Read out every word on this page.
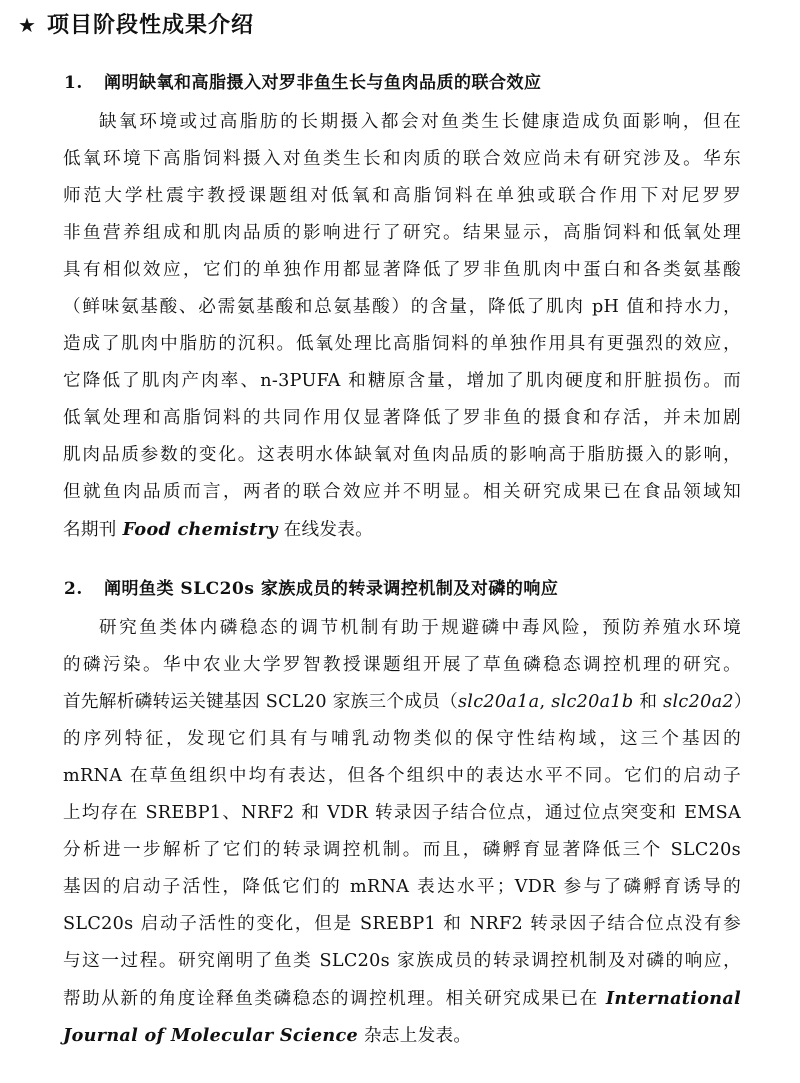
★ 项目阶段性成果介绍
1. 阐明缺氧和高脂摄入对罗非鱼生长与鱼肉品质的联合效应
缺氧环境或过高脂肪的长期摄入都会对鱼类生长健康造成负面影响，但在
低氧环境下高脂饲料摄入对鱼类生长和肉质的联合效应尚未有研究涉及。华东
师范大学杜震宇教授课题组对低氧和高脂饲料在单独或联合作用下对尼罗罗
非鱼营养组成和肌肉品质的影响进行了研究。结果显示，高脂饲料和低氧处理
具有相似效应，它们的单独作用都显著降低了罗非鱼肌肉中蛋白和各类氨基酸
（鲜味氨基酸、必需氨基酸和总氨基酸）的含量，降低了肌肉 pH 值和持水力，
造成了肌肉中脂肪的沉积。低氧处理比高脂饲料的单独作用具有更强烈的效应，
它降低了肌肉产肉率、n-3PUFA 和糖原含量，增加了肌肉硬度和肝脏损伤。而
低氧处理和高脂饲料的共同作用仅显著降低了罗非鱼的摄食和存活，并未加剧
肌肉品质参数的变化。这表明水体缺氧对鱼肉品质的影响高于脂肪摄入的影响，
但就鱼肉品质而言，两者的联合效应并不明显。相关研究成果已在食品领域知
名期刊 Food chemistry 在线发表。
2. 阐明鱼类 SLC20s 家族成员的转录调控机制及对磷的响应
研究鱼类体内磷稳态的调节机制有助于规避磷中毒风险，预防养殖水环境
的磷污染。华中农业大学罗智教授课题组开展了草鱼磷稳态调控机理的研究。
首先解析磷转运关键基因 SCL20 家族三个成员（slc20a1a, slc20a1b 和 slc20a2）
的序列特征，发现它们具有与哺乳动物类似的保守性结构域，这三个基因的
mRNA 在草鱼组织中均有表达，但各个组织中的表达水平不同。它们的启动子
上均存在 SREBP1、NRF2 和 VDR 转录因子结合位点，通过位点突变和 EMSA
分析进一步解析了它们的转录调控机制。而且，磷孵育显著降低三个 SLC20s
基因的启动子活性，降低它们的 mRNA 表达水平；VDR 参与了磷孵育诱导的
SLC20s 启动子活性的变化，但是 SREBP1 和 NRF2 转录因子结合位点没有参
与这一过程。研究阐明了鱼类 SLC20s 家族成员的转录调控机制及对磷的响应，
帮助从新的角度诠释鱼类磷稳态的调控机理。相关研究成果已在 International
Journal of Molecular Science 杂志上发表。
